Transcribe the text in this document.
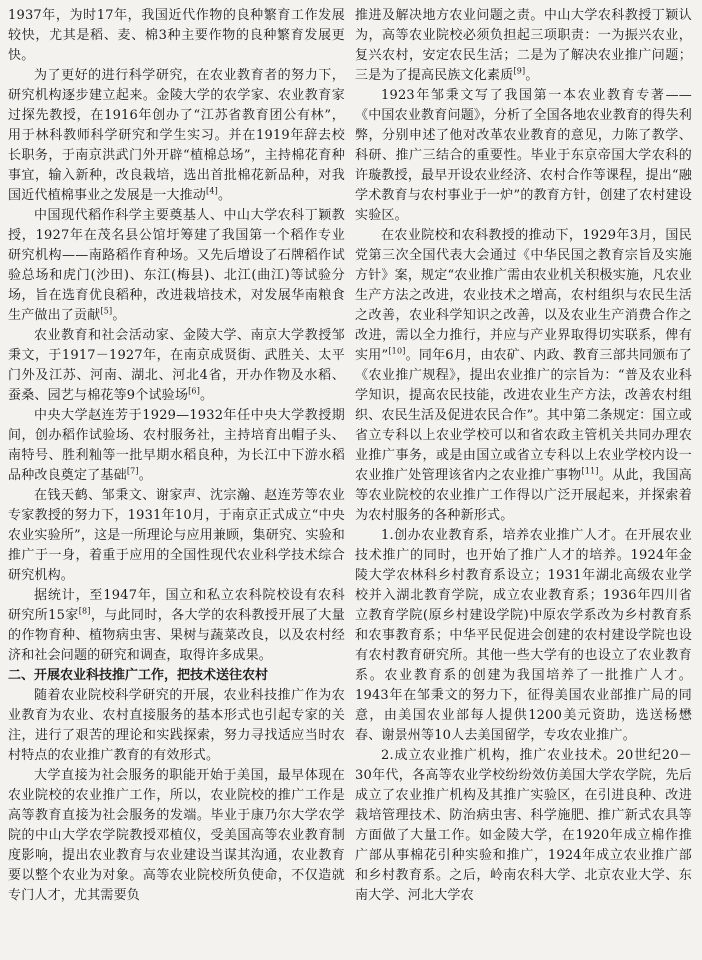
1937年，为时17年，我国近代作物的良种繁育工作发展较快，尤其是稻、麦、棉3种主要作物的良种繁育发展更快。

为了更好的进行科学研究，在农业教育者的努力下，研究机构逐步建立起来。金陵大学的农学家、农业教育家过探先教授，在1916年创办了“江苏省教育团公有林”，用于林科教师科学研究和学生实习。并在1919年辞去校长职务，于南京洪武门外开辟“植棉总场”，主持棉花育种事宜，输入新种，改良栽培，选出首批棉花新品种，对我国近代植棉事业之发展是一大推动[4]。

中国现代稻作科学主要奠基人、中山大学农科丁颖教授，1927年在茂名县公馆圩筹建了我国第一个稻作专业研究机构——南路稻作育种场。又先后增设了石牌稻作试验总场和虎门(沙田)、东江(梅县)、北江(曲江)等试验分场，旨在选育优良稻种，改进栽培技术，对发展华南粮食生产做出了贡献[5]。

农业教育和社会活动家、金陵大学、南京大学教授邹秉文，于1917－1927年，在南京成贤街、武胜关、太平门外及江苏、河南、湖北、河北4省，开办作物及水稻、蚕桑、园艺与棉花等9个试验场[6]。

中央大学赵连芳于1929—1932年任中央大学教授期间，创办稻作试验场、农村服务社，主持培育出帽子头、南特号、胜利籼等一批早期水稻良种，为长江中下游水稻品种改良奠定了基础[7]。

在钱天鹤、邹秉文、谢家声、沈宗瀚、赵连芳等农业专家教授的努力下，1931年10月，于南京正式成立“中央农业实验所”，这是一所理论与应用兼顾，集研究、实验和推广于一身，着重于应用的全国性现代农业科学技术综合研究机构。

据统计，至1947年，国立和私立农科院校设有农科研究所15家[8]，与此同时，各大学的农科教授开展了大量的作物育种、植物病虫害、果树与蔬菜改良，以及农村经济和社会问题的研究和调查，取得许多成果。

二、开展农业科技推广工作，把技术送往农村

随着农业院校科学研究的开展，农业科技推广作为农业教育为农业、农村直接服务的基本形式也引起专家的关注，进行了艰苦的理论和实践探索，努力寻找适应当时农村特点的农业推广教育的有效形式。

大学直接为社会服务的职能开始于美国，最早体现在农业院校的农业推广工作，所以，农业院校的推广工作是高等教育直接为社会服务的发端。毕业于康乃尔大学农学院的中山大学农学院教授邓植仪，受美国高等农业教育制度影响，提出农业教育与农业建设当谋其沟通，农业教育要以整个农业为对象。高等农业院校所负使命，不仅造就专门人才，尤其需要负

推进及解决地方农业问题之责。中山大学农科教授丁颖认为，高等农业院校必须负担起三项职责：一为振兴农业，复兴农村，安定农民生活；二是为了解决农业推广问题；三是为了提高民族文化素质[9]。

1923年邹秉文写了我国第一本农业教育专著——《中国农业教育问题》，分析了全国各地农业教育的得失利弊，分别申述了他对改革农业教育的意见，力陈了教学、科研、推广三结合的重要性。毕业于东京帝国大学农科的许璇教授，最早开设农业经济、农村合作等课程，提出“融学术教育与农村事业于一炉”的教育方针，创建了农村建设实验区。

在农业院校和农科教授的推动下，1929年3月，国民党第三次全国代表大会通过《中华民国之教育宗旨及实施方针》案，规定“农业推广需由农业机关积极实施，凡农业生产方法之改进，农业技术之增高，农村组织与农民生活之改善，农业科学知识之改善，以及农业生产消费合作之改进，需以全力推行，并应与产业界取得切实联系，俾有实用”[10]。同年6月，由农矿、内政、教育三部共同颁布了《农业推广规程》，提出农业推广的宗旨为：“普及农业科学知识，提高农民技能，改进农业生产方法，改善农村组织、农民生活及促进农民合作”。其中第二条规定：国立或省立专科以上农业学校可以和省农政主管机关共同办理农业推广事务，或是由国立或省立专科以上农业学校内设一农业推广处管理该省内之农业推广事物[11]。从此，我国高等农业院校的农业推广工作得以广泛开展起来，并探索着为农村服务的各种新形式。

1.创办农业教育系，培养农业推广人才。在开展农业技术推广的同时，也开始了推广人才的培养。1924年金陵大学农林科乡村教育系设立；1931年湖北高级农业学校并入湖北教育学院，成立农业教育系；1936年四川省立教育学院(原乡村建设学院)中原农学系改为乡村教育系和农事教育系；中华平民促进会创建的农村建设学院也设有农村教育研究所。其他一些大学有的也设立了农业教育系。农业教育系的创建为我国培养了一批推广人才。1943年在邹秉文的努力下，征得美国农业部推广局的同意，由美国农业部每人提供1200美元资助，选送杨懋春、谢景州等10人去美国留学，专攻农业推广。

2.成立农业推广机构，推广农业技术。20世纪20－30年代，各高等农业学校纷纷效仿美国大学农学院，先后成立了农业推广机构及其推广实验区，在引进良种、改进栽培管理技术、防治病虫害、科学施肥、推广新式农具等方面做了大量工作。如金陵大学，在1920年成立棉作推广部从事棉花引种实验和推广，1924年成立农业推广部和乡村教育系。之后，岭南农科大学、北京农业大学、东南大学、河北大学农
